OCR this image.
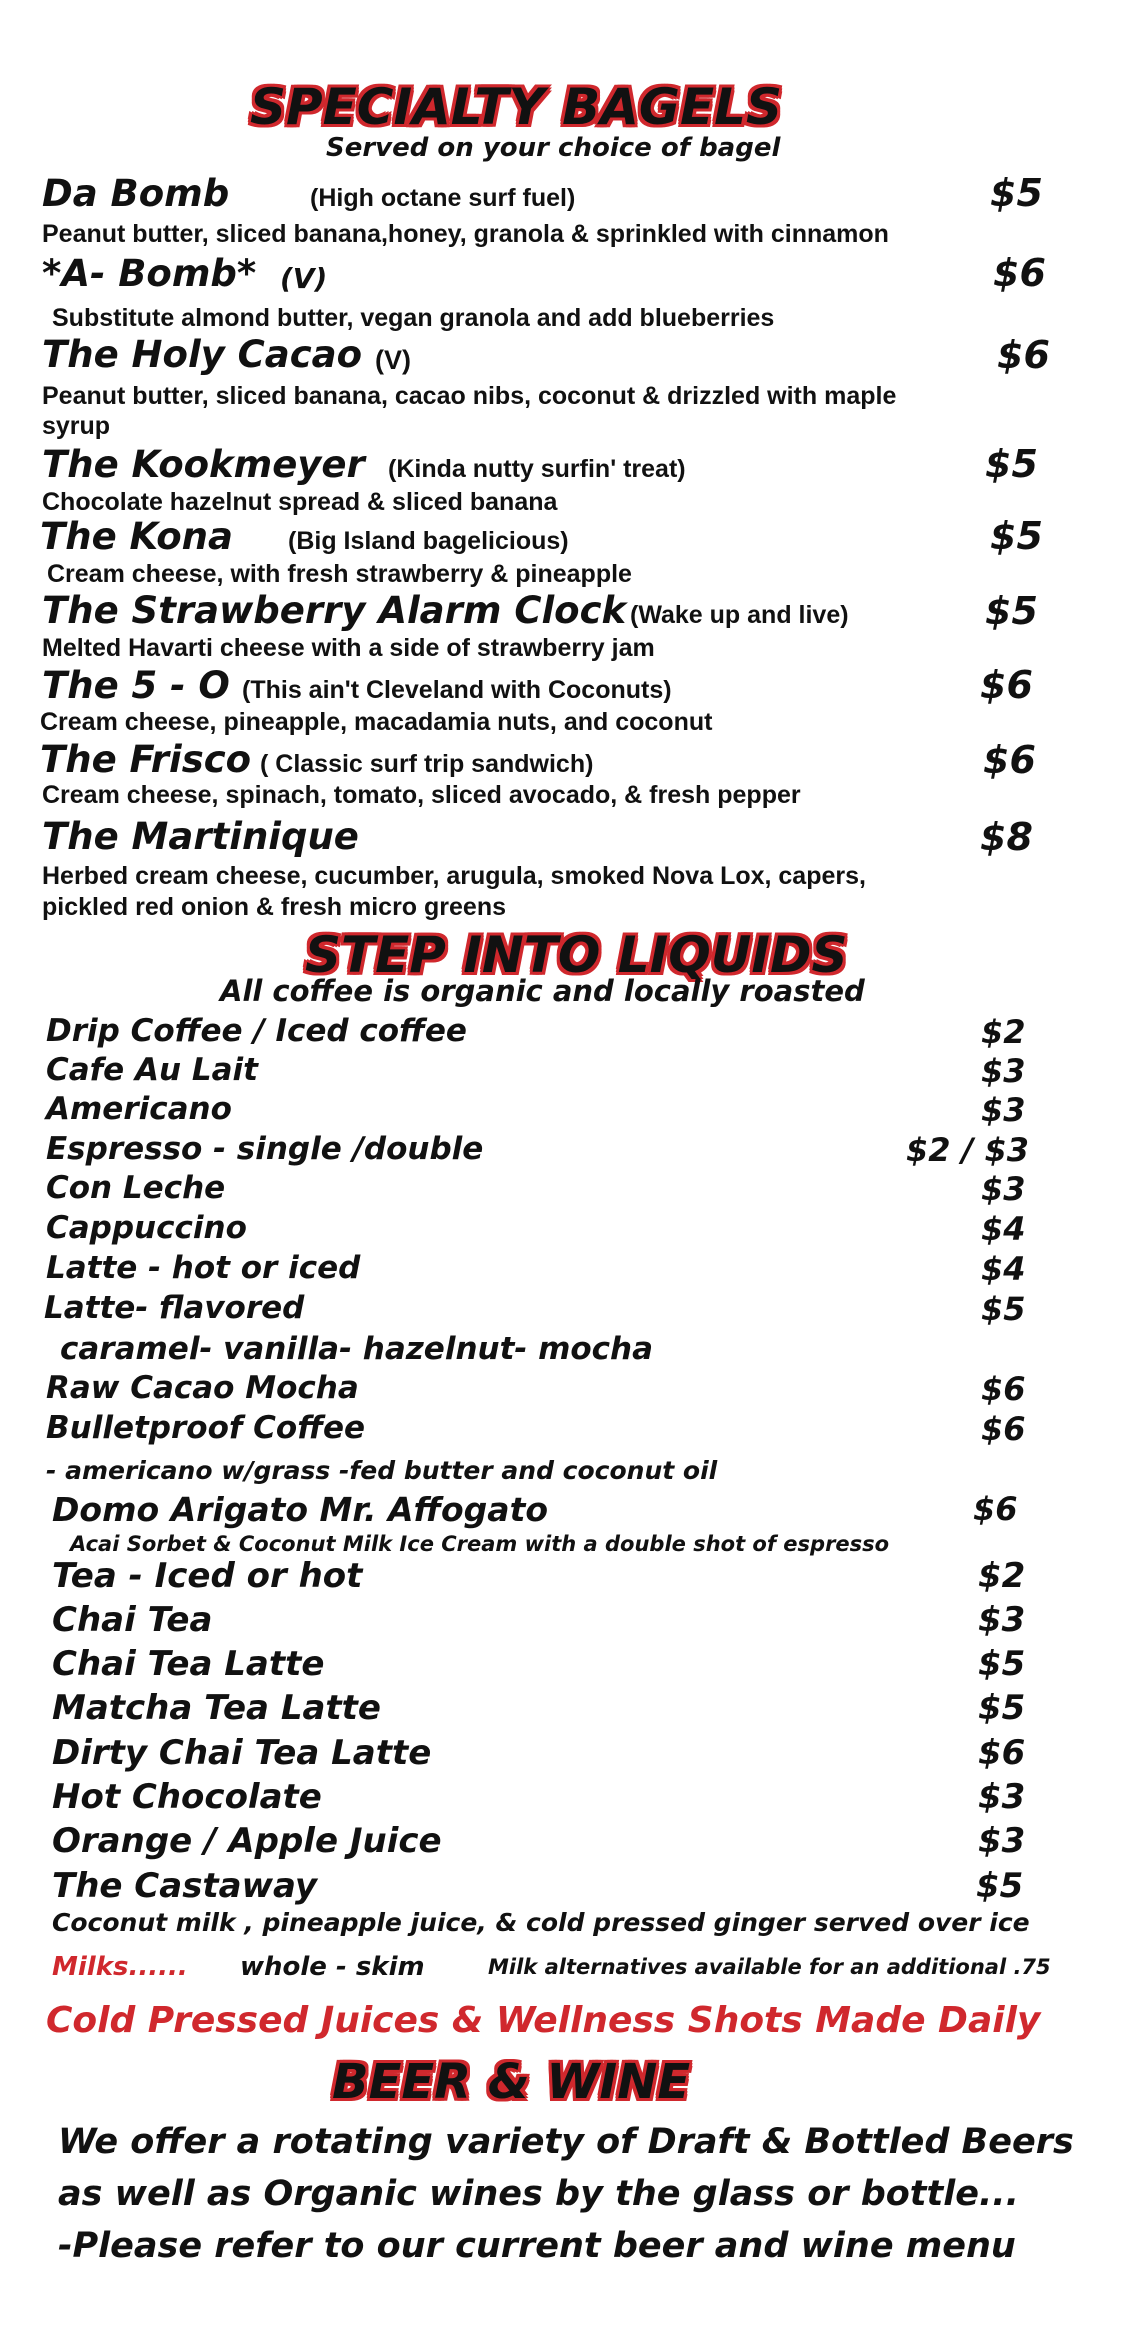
SPECIALTY BAGELS
Served on your choice of bagel
Da Bomb	(High octane surf fuel)	$5
Peanut butter, sliced banana,honey, granola & sprinkled with cinnamon
*A- Bomb* (V)	$6
Substitute almond butter, vegan granola and add blueberries
The Holy Cacao (V)	$6
Peanut butter, sliced banana, cacao nibs, coconut & drizzled with maple
syrup
The Kookmeyer (Kinda nutty surfin' treat)	$5
Chocolate hazelnut spread & sliced banana
The Kona (Big Island bagelicious)	$5
Cream cheese, with fresh strawberry & pineapple
The Strawberry Alarm Clock (Wake up and live)	$5
Melted Havarti cheese with a side of strawberry jam
The 5 - O (This ain't Cleveland with Coconuts)	$6
Cream cheese, pineapple, macadamia nuts, and coconut
The Frisco ( Classic surf trip sandwich)	$6
Cream cheese, spinach, tomato, sliced avocado, & fresh pepper
The Martinique	$8
Herbed cream cheese, cucumber, arugula, smoked Nova Lox, capers,
pickled red onion & fresh micro greens
STEP INTO LIQUIDS
All coffee is organic and locally roasted
Drip Coffee / Iced coffee	$2
Cafe Au Lait	$3
Americano	$3
Espresso - single /double	$2 / $3
Con Leche	$3
Cappuccino	$4
Latte - hot or iced	$4
Latte- flavored	$5
caramel- vanilla- hazelnut- mocha
Raw Cacao Mocha	$6
Bulletproof Coffee	$6
- americano w/grass -fed butter and coconut oil
Domo Arigato Mr. Affogato	$6
Acai Sorbet & Coconut Milk Ice Cream with a double shot of espresso
Tea - Iced or hot	$2
Chai Tea	$3
Chai Tea Latte	$5
Matcha Tea Latte	$5
Dirty Chai Tea Latte	$6
Hot Chocolate	$3
Orange / Apple Juice	$3
The Castaway	$5
Coconut milk , pineapple juice, & cold pressed ginger served over ice
Milks...... whole - skim	Milk alternatives available for an additional .75
Cold Pressed Juices & Wellness Shots Made Daily
BEER & WINE
We offer a rotating variety of Draft & Bottled Beers
as well as Organic wines by the glass or bottle...
-Please refer to our current beer and wine menu
